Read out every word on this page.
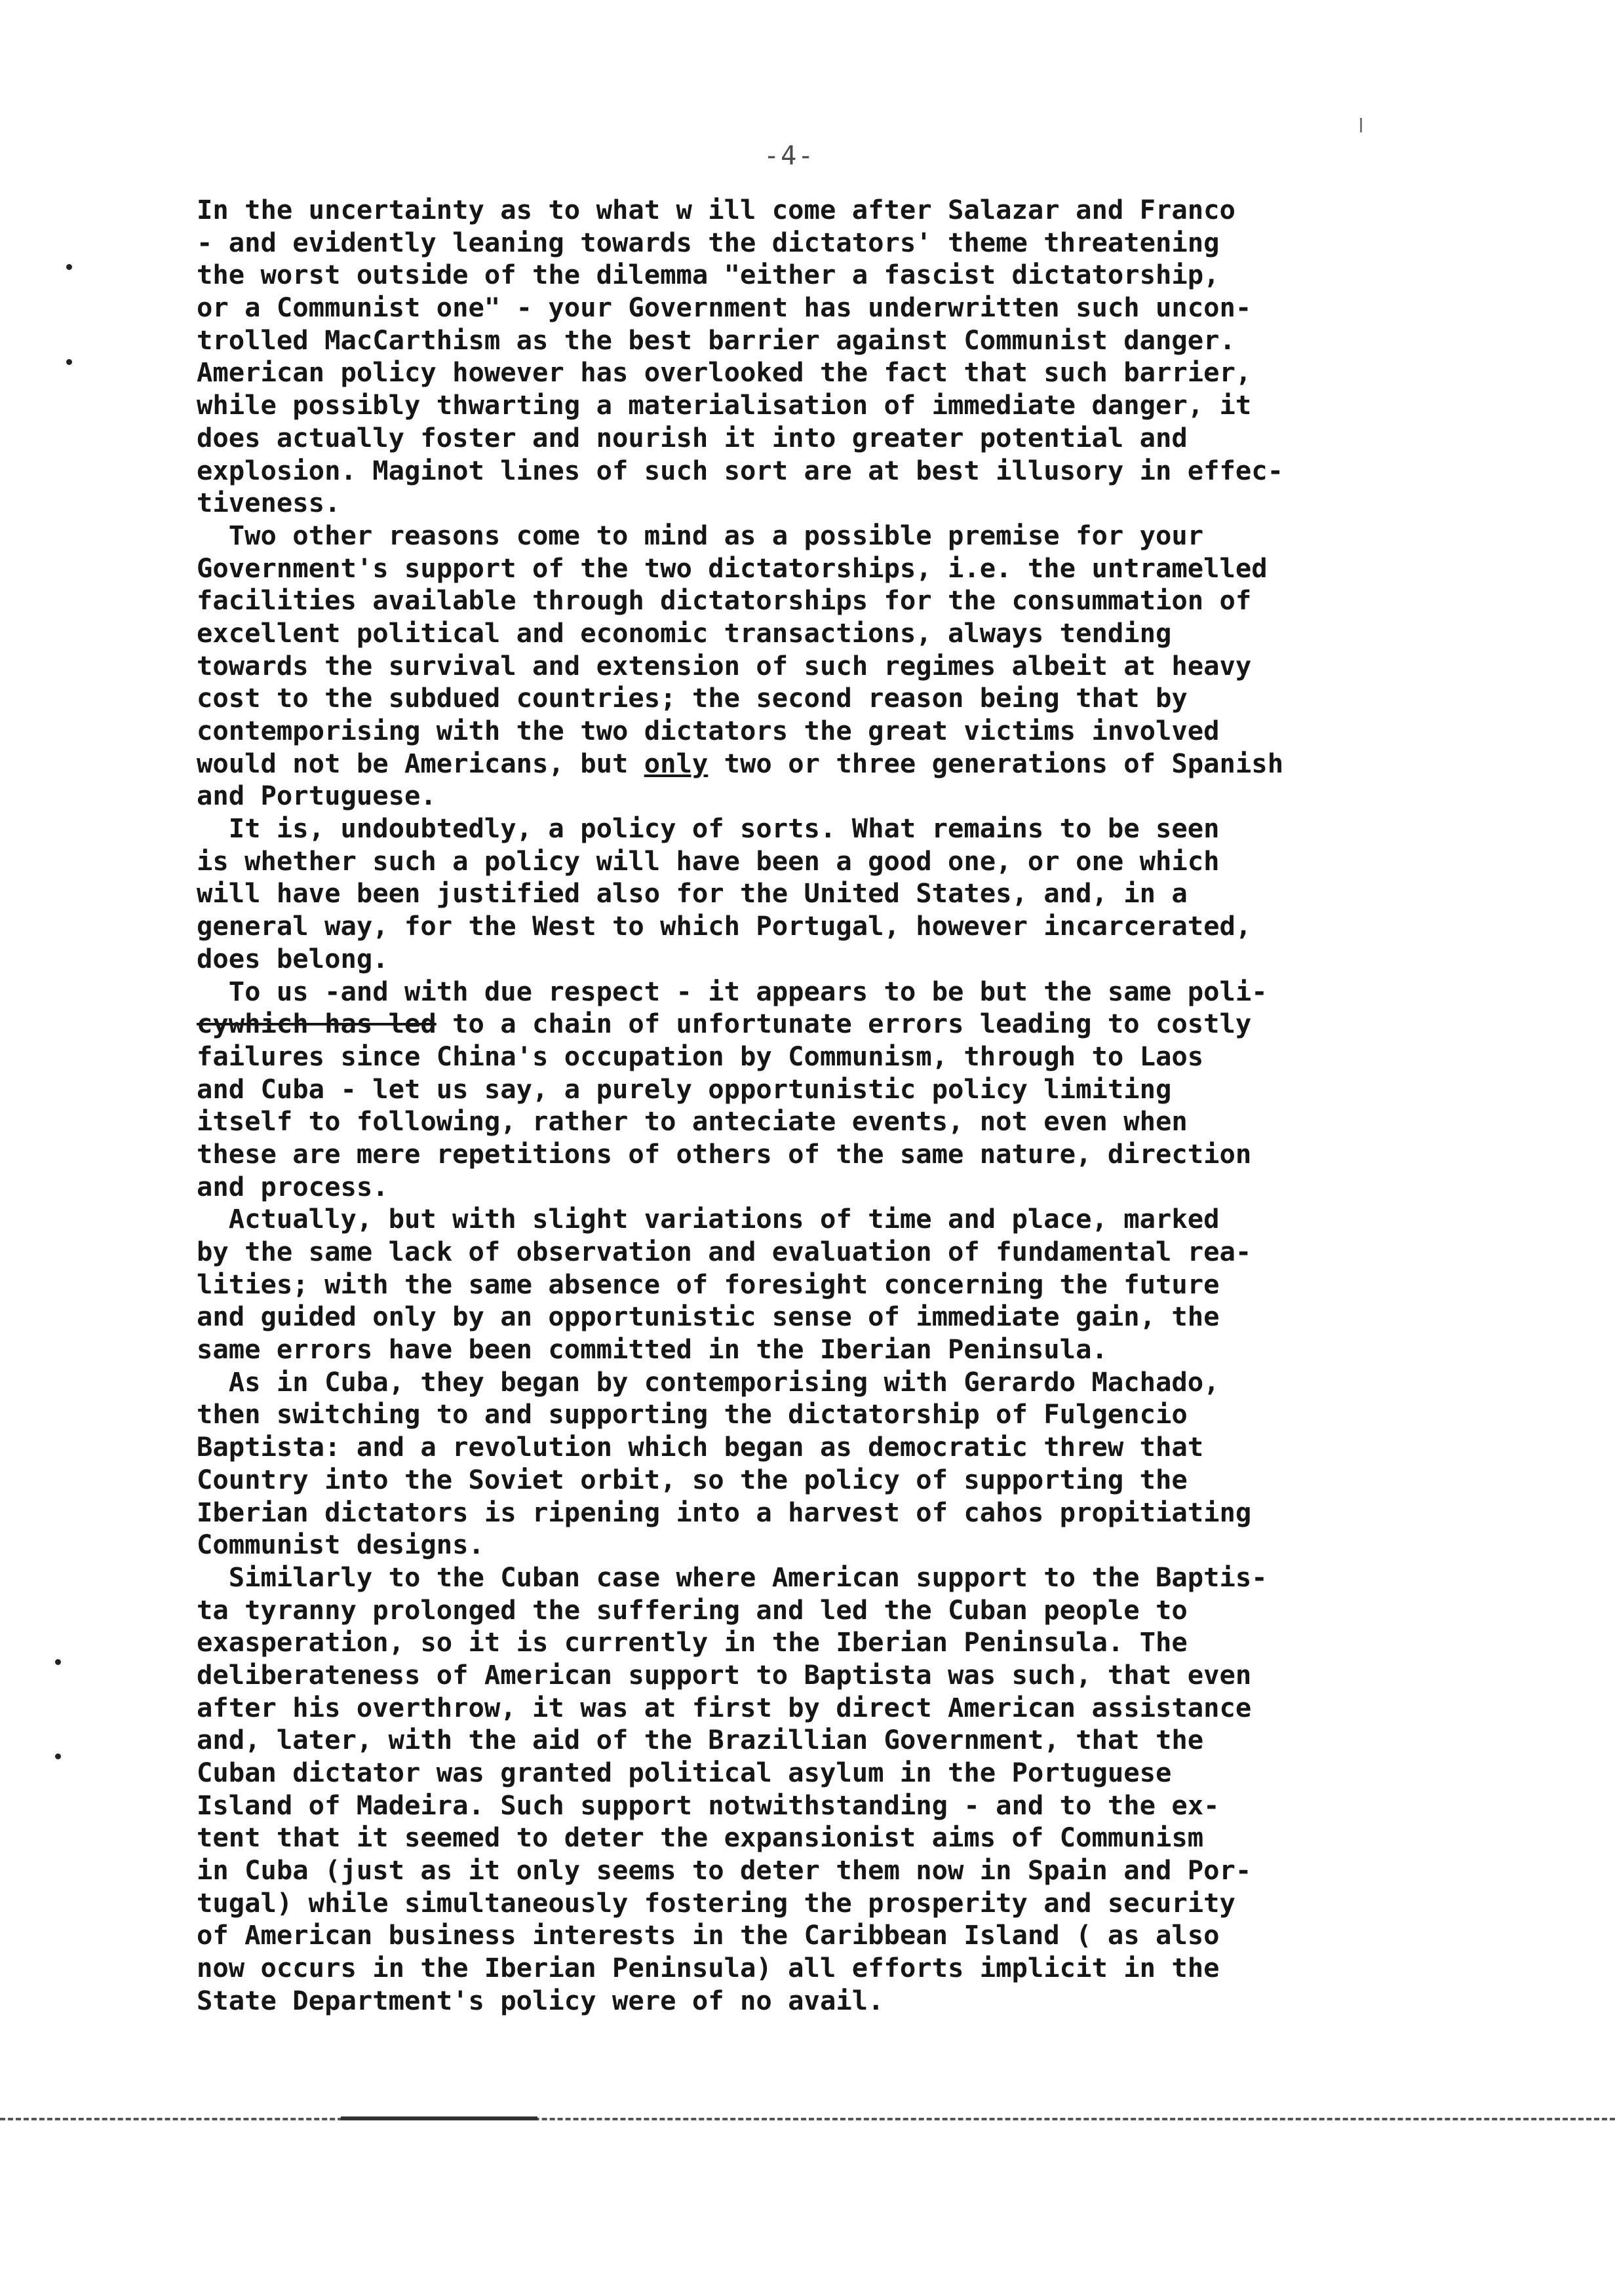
-4-
In the uncertainty as to what w ill come after Salazar and Franco
- and evidently leaning towards the dictators' theme threatening
the worst outside of the dilemma "either a fascist dictatorship,
or a Communist one" - your Government has underwritten such uncon-
trolled MacCarthism as the best barrier against Communist danger.
American policy however has overlooked the fact that such barrier,
while possibly thwarting a materialisation of immediate danger, it
does actually foster and nourish it into greater potential and
explosion. Maginot lines of such sort are at best illusory in effec-
tiveness.
Two other reasons come to mind as a possible premise for your
Government's support of the two dictatorships, i.e. the untramelled
facilities available through dictatorships for the consummation of
excellent political and economic transactions, always tending
towards the survival and extension of such regimes albeit at heavy
cost to the subdued countries; the second reason being that by
contemporising with the two dictators the great victims involved
would not be Americans, but only two or three generations of Spanish
and Portuguese.
It is, undoubtedly, a policy of sorts. What remains to be seen
is whether such a policy will have been a good one, or one which
will have been justified also for the United States, and, in a
general way, for the West to which Portugal, however incarcerated,
does belong.
To us -and with due respect - it appears to be but the same poli-
cywhich has led to a chain of unfortunate errors leading to costly
failures since China's occupation by Communism, through to Laos
and Cuba - let us say, a purely opportunistic policy limiting
itself to following, rather to anteciate events, not even when
these are mere repetitions of others of the same nature, direction
and process.
Actually, but with slight variations of time and place, marked
by the same lack of observation and evaluation of fundamental rea-
lities; with the same absence of foresight concerning the future
and guided only by an opportunistic sense of immediate gain, the
same errors have been committed in the Iberian Peninsula.
As in Cuba, they began by contemporising with Gerardo Machado,
then switching to and supporting the dictatorship of Fulgencio
Baptista: and a revolution which began as democratic threw that
Country into the Soviet orbit, so the policy of supporting the
Iberian dictators is ripening into a harvest of cahos propitiating
Communist designs.
Similarly to the Cuban case where American support to the Baptis-
ta tyranny prolonged the suffering and led the Cuban people to
exasperation, so it is currently in the Iberian Peninsula. The
deliberateness of American support to Baptista was such, that even
after his overthrow, it was at first by direct American assistance
and, later, with the aid of the Brazillian Government, that the
Cuban dictator was granted political asylum in the Portuguese
Island of Madeira. Such support notwithstanding - and to the ex-
tent that it seemed to deter the expansionist aims of Communism
in Cuba (just as it only seems to deter them now in Spain and Por-
tugal) while simultaneously fostering the prosperity and security
of American business interests in the Caribbean Island ( as also
now occurs in the Iberian Peninsula) all efforts implicit in the
State Department's policy were of no avail.
